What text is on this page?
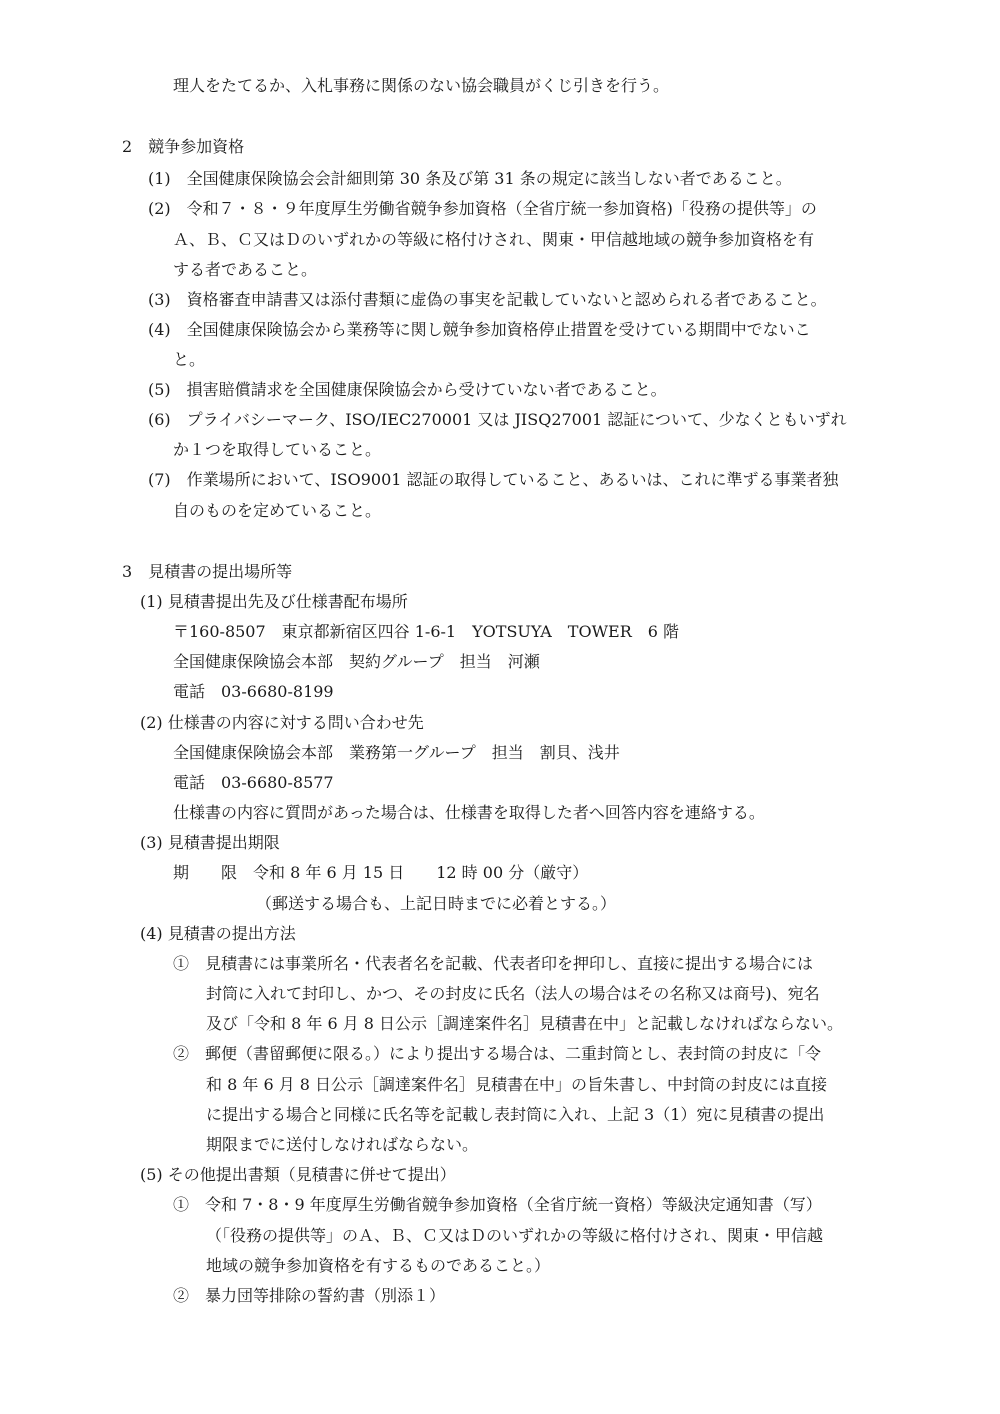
理人をたてるか、入札事務に関係のない協会職員がくじ引きを行う。
2　競争参加資格
(1)　全国健康保険協会会計細則第 30 条及び第 31 条の規定に該当しない者であること。
(2)　令和７・８・９年度厚生労働省競争参加資格（全省庁統一参加資格)「役務の提供等」の
Ａ、Ｂ、Ｃ又はＤのいずれかの等級に格付けされ、関東・甲信越地域の競争参加資格を有
する者であること。
(3)　資格審査申請書又は添付書類に虚偽の事実を記載していないと認められる者であること。
(4)　全国健康保険協会から業務等に関し競争参加資格停止措置を受けている期間中でないこ
と。
(5)　損害賠償請求を全国健康保険協会から受けていない者であること。
(6)　プライバシーマーク、ISO/IEC270001 又は JISQ27001 認証について、少なくともいずれ
か１つを取得していること。
(7)　作業場所において、ISO9001 認証の取得していること、あるいは、これに準ずる事業者独
自のものを定めていること。
3　見積書の提出場所等
(1) 見積書提出先及び仕様書配布場所
〒160-8507　東京都新宿区四谷 1-6-1　YOTSUYA　TOWER　6 階
全国健康保険協会本部　契約グループ　担当　河瀬
電話　03-6680-8199
(2) 仕様書の内容に対する問い合わせ先
全国健康保険協会本部　業務第一グループ　担当　割貝、浅井
電話　03-6680-8577
仕様書の内容に質問があった場合は、仕様書を取得した者へ回答内容を連絡する。
(3) 見積書提出期限
期　　限　令和 8 年 6 月 15 日　　12 時 00 分（厳守）
（郵送する場合も、上記日時までに必着とする。）
(4) 見積書の提出方法
①　見積書には事業所名・代表者名を記載、代表者印を押印し、直接に提出する場合には
封筒に入れて封印し、かつ、その封皮に氏名（法人の場合はその名称又は商号)、宛名
及び「令和 8 年 6 月 8 日公示［調達案件名］見積書在中」と記載しなければならない。
②　郵便（書留郵便に限る。）により提出する場合は、二重封筒とし、表封筒の封皮に「令
和 8 年 6 月 8 日公示［調達案件名］見積書在中」の旨朱書し、中封筒の封皮には直接
に提出する場合と同様に氏名等を記載し表封筒に入れ、上記 3（1）宛に見積書の提出
期限までに送付しなければならない。
(5) その他提出書類（見積書に併せて提出）
①　令和 7・8・9 年度厚生労働省競争参加資格（全省庁統一資格）等級決定通知書（写）
（「役務の提供等」のＡ、Ｂ、Ｃ又はＤのいずれかの等級に格付けされ、関東・甲信越
地域の競争参加資格を有するものであること。）
②　暴力団等排除の誓約書（別添１）
